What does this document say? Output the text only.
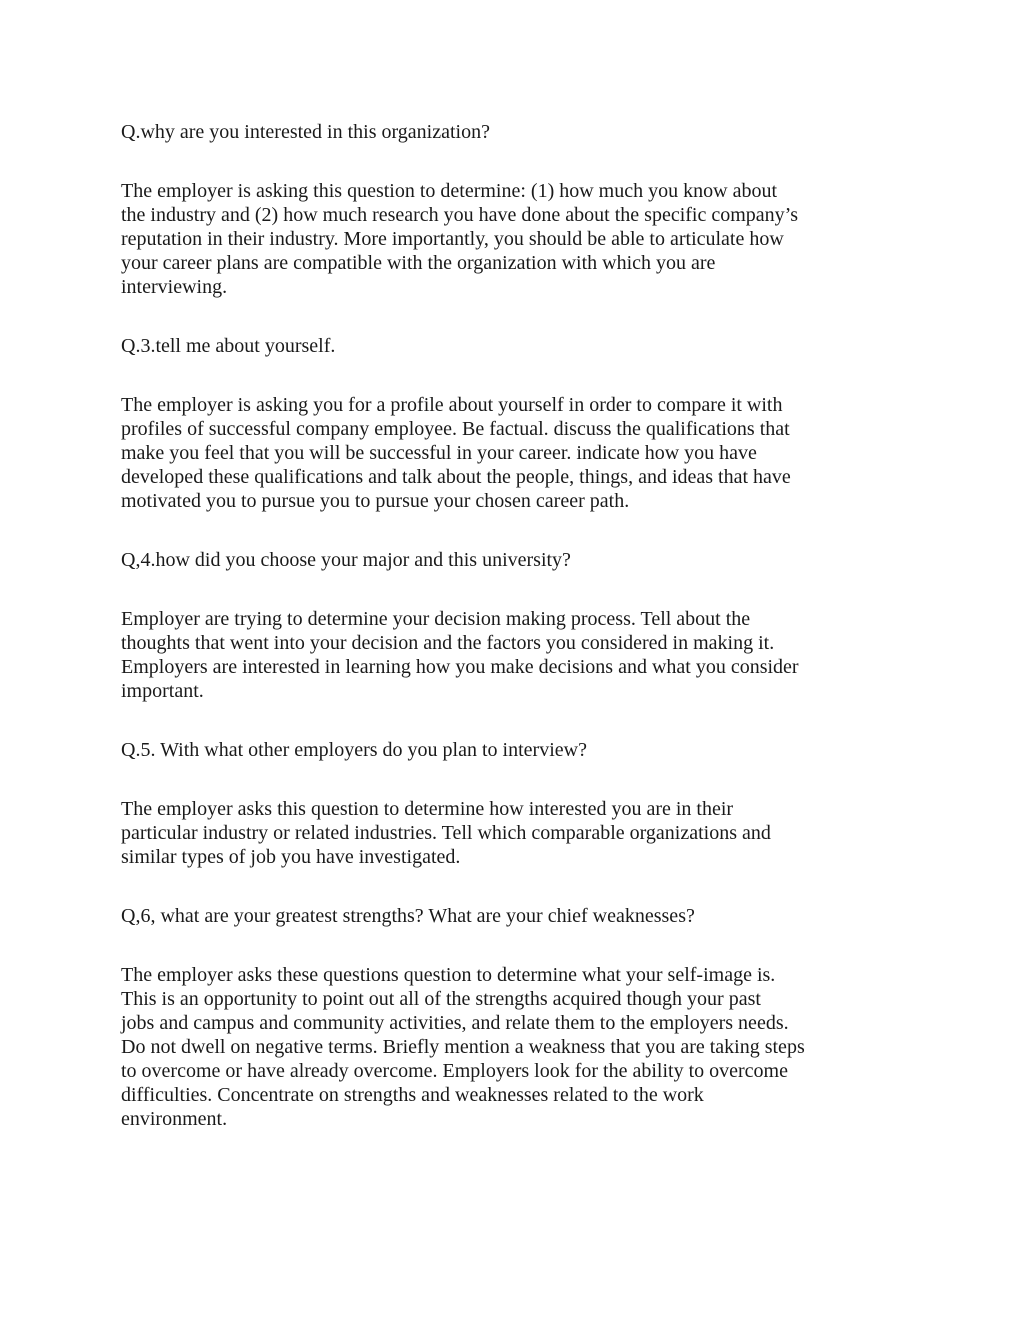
Q.why are you interested in this organization?

The employer is asking this question to determine: (1) how much you know about
the industry and (2) how much research you have done about the specific company’s
reputation in their industry. More importantly, you should be able to articulate how
your career plans are compatible with the organization with which you are
interviewing.

Q.3.tell me about yourself.

The employer is asking you for a profile about yourself in order to compare it with
profiles of successful company employee. Be factual. discuss the qualifications that
make you feel that you will be successful in your career. indicate how you have
developed these qualifications and talk about the people, things, and ideas that have
motivated you to pursue you to pursue your chosen career path.

Q,4.how did you choose your major and this university?

Employer are trying to determine your decision making process. Tell about the
thoughts that went into your decision and the factors you considered in making it.
Employers are interested in learning how you make decisions and what you consider
important.

Q.5. With what other employers do you plan to interview?

The employer asks this question to determine how interested you are in their
particular industry or related industries. Tell which comparable organizations and
similar types of job you have investigated.

Q,6, what are your greatest strengths? What are your chief weaknesses?

The employer asks these questions question to determine what your self-image is.
This is an opportunity to point out all of the strengths acquired though your past
jobs and campus and community activities, and relate them to the employers needs.
Do not dwell on negative terms. Briefly mention a weakness that you are taking steps
to overcome or have already overcome. Employers look for the ability to overcome
difficulties. Concentrate on strengths and weaknesses related to the work
environment.
